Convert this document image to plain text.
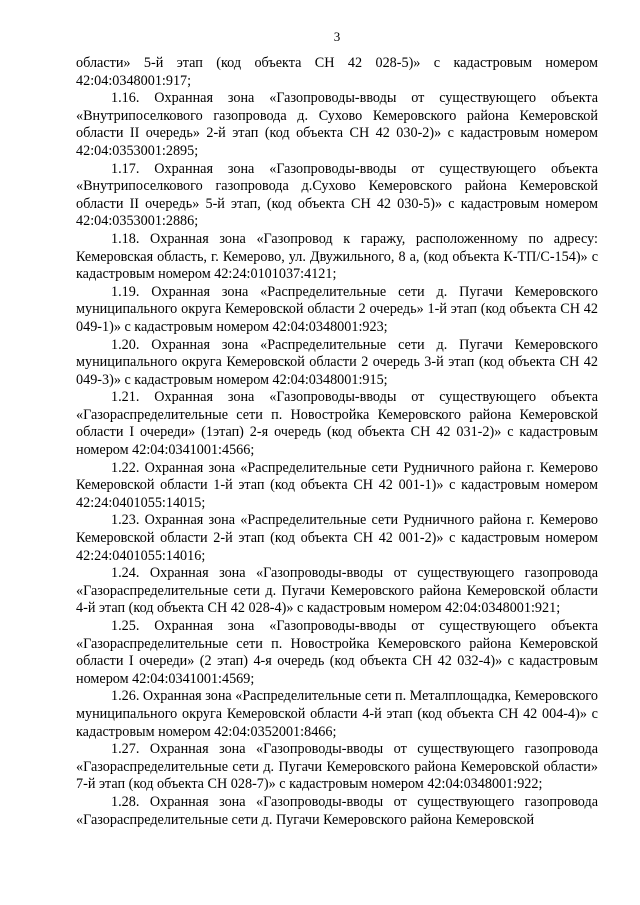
3

области» 5-й этап (код объекта СН 42 028-5)» с кадастровым номером 42:04:0348001:917;

1.16. Охранная зона «Газопроводы-вводы от существующего объекта «Внутрипоселкового газопровода д. Сухово Кемеровского района Кемеровской области II очередь» 2-й этап (код объекта СН 42 030-2)» с кадастровым номером 42:04:0353001:2895;

1.17. Охранная зона «Газопроводы-вводы от существующего объекта «Внутрипоселкового газопровода д.Сухово Кемеровского района Кемеровской области II очередь» 5-й этап, (код объекта СН 42 030-5)» с кадастровым номером 42:04:0353001:2886;

1.18. Охранная зона «Газопровод к гаражу, расположенному по адресу: Кемеровская область, г. Кемерово, ул. Двужильного, 8 а, (код объекта К-ТП/С-154)» с кадастровым номером 42:24:0101037:4121;

1.19. Охранная зона «Распределительные сети д. Пугачи Кемеровского муниципального округа Кемеровской области 2 очередь» 1-й этап (код объекта СН 42 049-1)» с кадастровым номером 42:04:0348001:923;

1.20. Охранная зона «Распределительные сети д. Пугачи Кемеровского муниципального округа Кемеровской области 2 очередь 3-й этап (код объекта СН 42 049-3)» с кадастровым номером 42:04:0348001:915;

1.21. Охранная зона «Газопроводы-вводы от существующего объекта «Газораспределительные сети п. Новостройка Кемеровского района Кемеровской области I очереди» (1этап) 2-я очередь (код объекта СН 42 031-2)» с кадастровым номером 42:04:0341001:4566;

1.22. Охранная зона «Распределительные сети Рудничного района г. Кемерово Кемеровской области 1-й этап (код объекта СН 42 001-1)» с кадастровым номером 42:24:0401055:14015;

1.23. Охранная зона «Распределительные сети Рудничного района г. Кемерово Кемеровской области 2-й этап (код объекта СН 42 001-2)» с кадастровым номером 42:24:0401055:14016;

1.24. Охранная зона «Газопроводы-вводы от существующего газопровода «Газораспределительные сети д. Пугачи Кемеровского района Кемеровской области 4-й этап (код объекта СН 42 028-4)» с кадастровым номером 42:04:0348001:921;

1.25. Охранная зона «Газопроводы-вводы от существующего объекта «Газораспределительные сети п. Новостройка Кемеровского района Кемеровской области I очереди» (2 этап) 4-я очередь (код объекта СН 42 032-4)» с кадастровым номером 42:04:0341001:4569;

1.26. Охранная зона «Распределительные сети п. Металплощадка, Кемеровского муниципального округа Кемеровской области 4-й этап (код объекта СН 42 004-4)» с кадастровым номером 42:04:0352001:8466;

1.27. Охранная зона «Газопроводы-вводы от существующего газопровода «Газораспределительные сети д. Пугачи Кемеровского района Кемеровской области» 7-й этап (код объекта СН 028-7)» с кадастровым номером 42:04:0348001:922;

1.28. Охранная зона «Газопроводы-вводы от существующего газопровода «Газораспределительные сети д. Пугачи Кемеровского района Кемеровской
